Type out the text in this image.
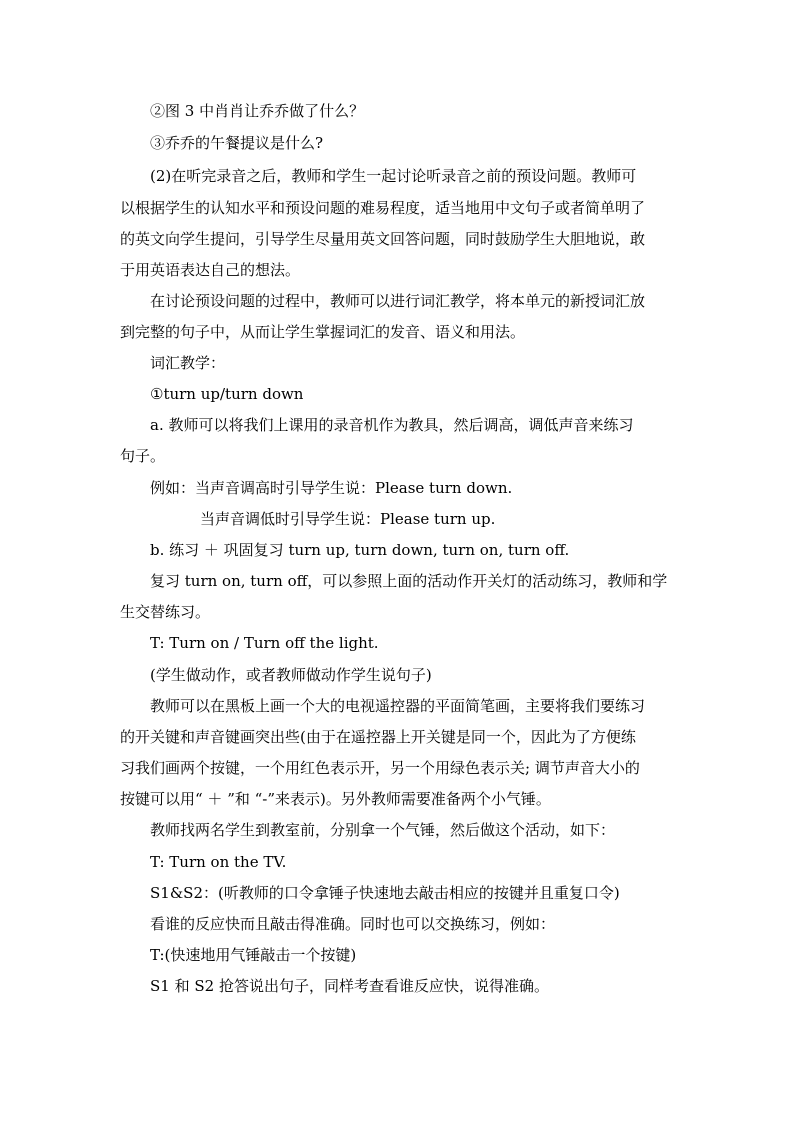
②图 3 中肖肖让乔乔做了什么？
③乔乔的午餐提议是什么?
(2)在听完录音之后，教师和学生一起讨论听录音之前的预设问题。教师可
以根据学生的认知水平和预设问题的难易程度，适当地用中文句子或者简单明了
的英文向学生提问，引导学生尽量用英文回答问题，同时鼓励学生大胆地说，敢
于用英语表达自己的想法。
在讨论预设问题的过程中，教师可以进行词汇教学，将本单元的新授词汇放
到完整的句子中，从而让学生掌握词汇的发音、语义和用法。
词汇教学：
①turn up/turn down
a. 教师可以将我们上课用的录音机作为教具，然后调高，调低声音来练习
句子。
例如：当声音调高时引导学生说：Please turn down.
当声音调低时引导学生说：Please turn up.
b. 练习 ＋ 巩固复习 turn up, turn down, turn on, turn off.
复习 turn on, turn off，可以参照上面的活动作开关灯的活动练习，教师和学
生交替练习。
T: Turn on / Turn off the light.
(学生做动作，或者教师做动作学生说句子)
教师可以在黑板上画一个大的电视遥控器的平面简笔画，主要将我们要练习
的开关键和声音键画突出些(由于在遥控器上开关键是同一个，因此为了方便练
习我们画两个按键，一个用红色表示开，另一个用绿色表示关; 调节声音大小的
按键可以用“ ＋ ”和 “-”来表示)。另外教师需要准备两个小气锤。
教师找两名学生到教室前，分别拿一个气锤，然后做这个活动，如下：
T: Turn on the TV.
S1&S2：(听教师的口令拿锤子快速地去敲击相应的按键并且重复口令)
看谁的反应快而且敲击得准确。同时也可以交换练习，例如：
T:(快速地用气锤敲击一个按键)
S1 和 S2 抢答说出句子，同样考查看谁反应快，说得准确。
